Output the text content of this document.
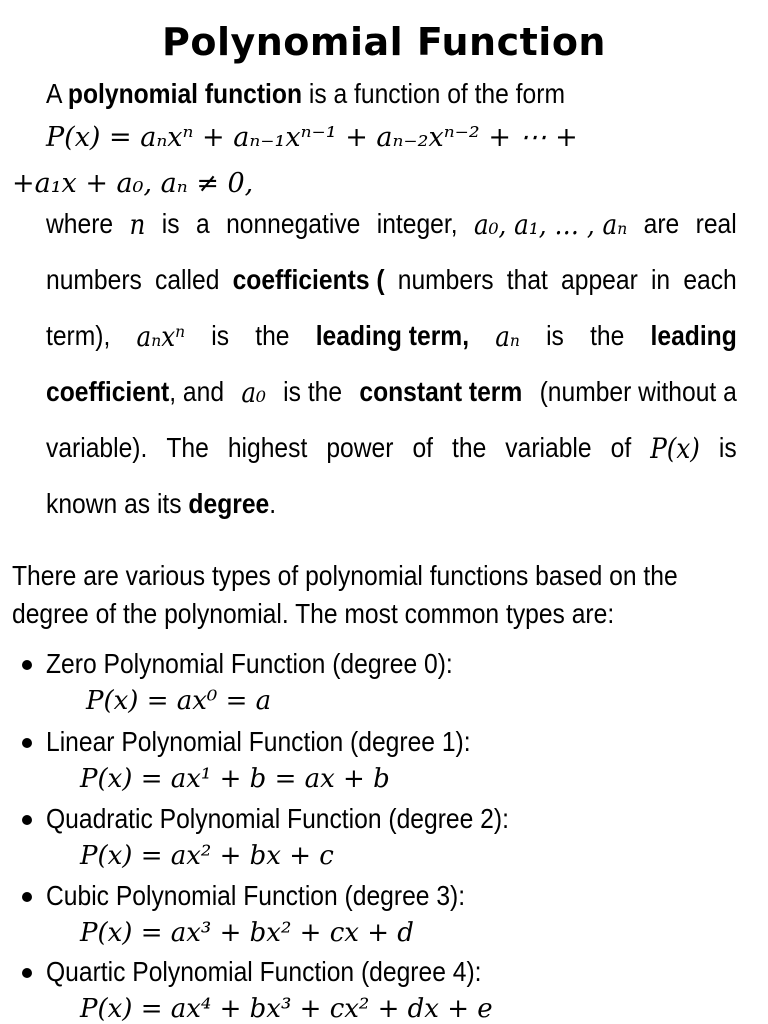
Polynomial Function
A polynomial function is a function of the form
P(x) = aₙxⁿ + aₙ₋₁xⁿ⁻¹ + aₙ₋₂xⁿ⁻² + ⋯ +
+a₁x + a₀, aₙ ≠ 0,
where n is a nonnegative integer, a₀, a₁, … , aₙ are real
numbers called coefficients ( numbers that appear in each
term), aₙxⁿ is the leading term, aₙ is the leading
coefficient, and a₀ is the constant term (number without a
variable). The highest power of the variable of P(x) is
known as its degree.
There are various types of polynomial functions based on the
degree of the polynomial. The most common types are:
Zero Polynomial Function (degree 0):
P(x) = ax⁰ = a
Linear Polynomial Function (degree 1):
P(x) = ax¹ + b = ax + b
Quadratic Polynomial Function (degree 2):
P(x) = ax² + bx + c
Cubic Polynomial Function (degree 3):
P(x) = ax³ + bx² + cx + d
Quartic Polynomial Function (degree 4):
P(x) = ax⁴ + bx³ + cx² + dx + e
